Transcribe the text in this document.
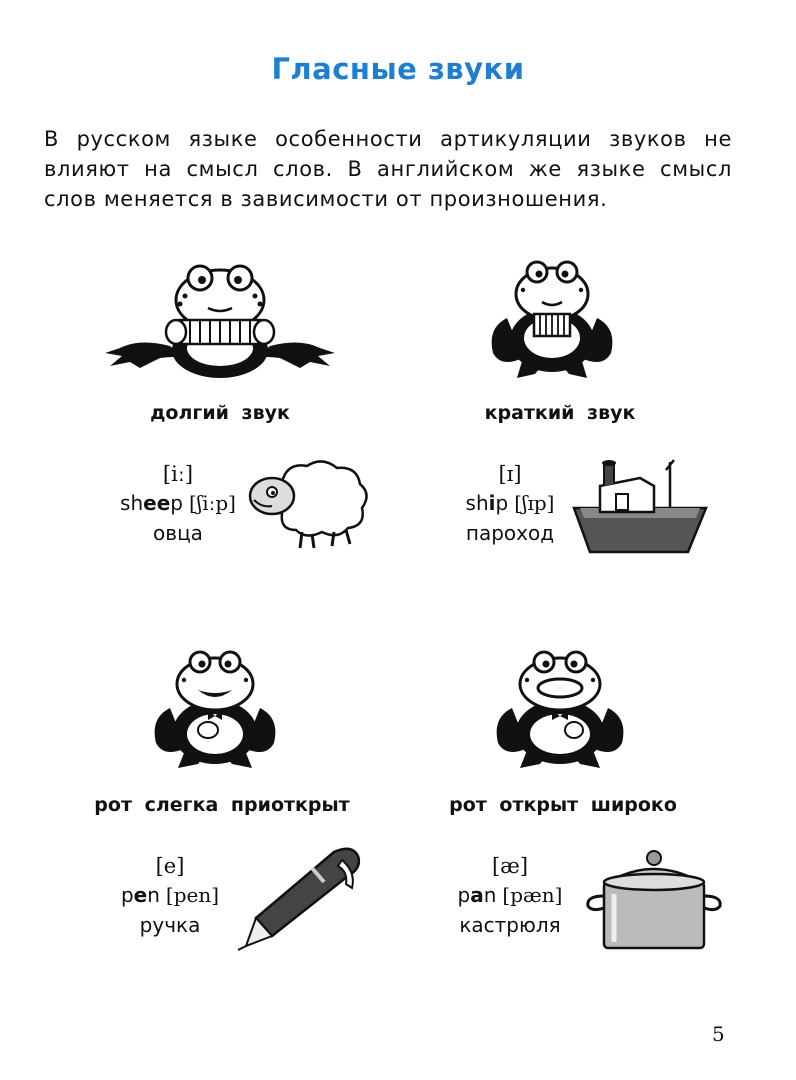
Гласные звуки
В русском языке особенности артикуляции звуков не влияют на смысл слов. В английском же языке смысл слов меняется в зависимости от произношения.
долгий звук	краткий звук
рот слегка приоткрыт	рот открыт широко
[iː]
sheep [ʃiːp]
овца
[ɪ]
ship [ʃɪp]
пароход
[e]
pen [pen]
ручка
[æ]
pan [pæn]
кастрюля
5
